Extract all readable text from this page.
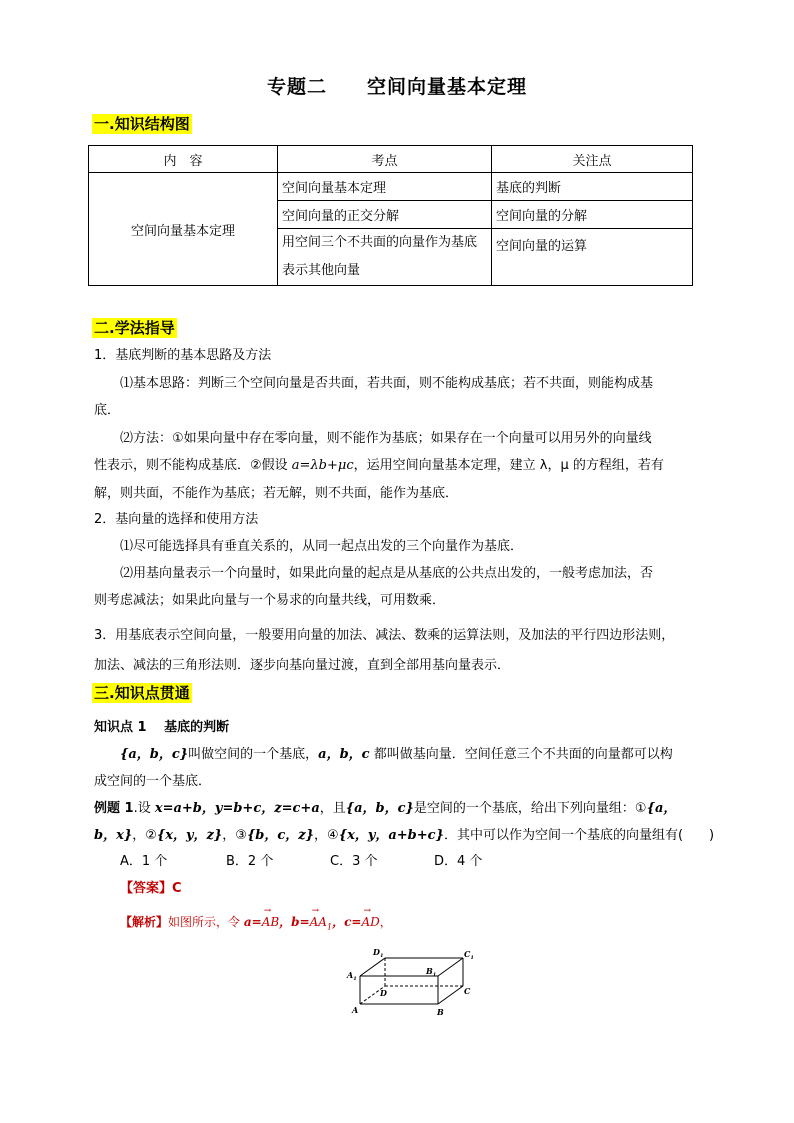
专题二 空间向量基本定理
一.知识结构图
内　容	考点	关注点
空间向量基本定理	空间向量基本定理	基底的判断
	空间向量的正交分解	空间向量的分解
	用空间三个不共面的向量作为基底表示其他向量	空间向量的运算
二.学法指导
1．基底判断的基本思路及方法
⑴基本思路：判断三个空间向量是否共面，若共面，则不能构成基底；若不共面，则能构成基
底．
⑵方法：①如果向量中存在零向量，则不能作为基底；如果存在一个向量可以用另外的向量线
性表示，则不能构成基底．②假设 a=λb+μc，运用空间向量基本定理，建立 λ，μ 的方程组，若有
解，则共面，不能作为基底；若无解，则不共面，能作为基底．
2．基向量的选择和使用方法
⑴尽可能选择具有垂直关系的，从同一起点出发的三个向量作为基底．
⑵用基向量表示一个向量时，如果此向量的起点是从基底的公共点出发的，一般考虑加法，否
则考虑减法；如果此向量与一个易求的向量共线，可用数乘．
3．用基底表示空间向量，一般要用向量的加法、减法、数乘的运算法则，及加法的平行四边形法则，
加法、减法的三角形法则．逐步向基向量过渡，直到全部用基向量表示．
三.知识点贯通
知识点 1　 基底的判断
{a，b，c}叫做空间的一个基底，a，b，c 都叫做基向量．空间任意三个不共面的向量都可以构
成空间的一个基底．
例题 1.设 x=a+b，y=b+c，z=c+a，且{a，b，c}是空间的一个基底，给出下列向量组：①{a，
b，x}，②{x，y，z}，③{b，c，z}，④{x，y，a+b+c}．其中可以作为空间一个基底的向量组有(　　)
A．1 个	B．2 个	C．3 个	D．4 个
【答案】C
【解析】如图所示，令 a=→ AB，$b=\to AA_1$，c=→ AD，
$D_1$	$C_1$
$A_1$
$B_1$
D	C
A	B
